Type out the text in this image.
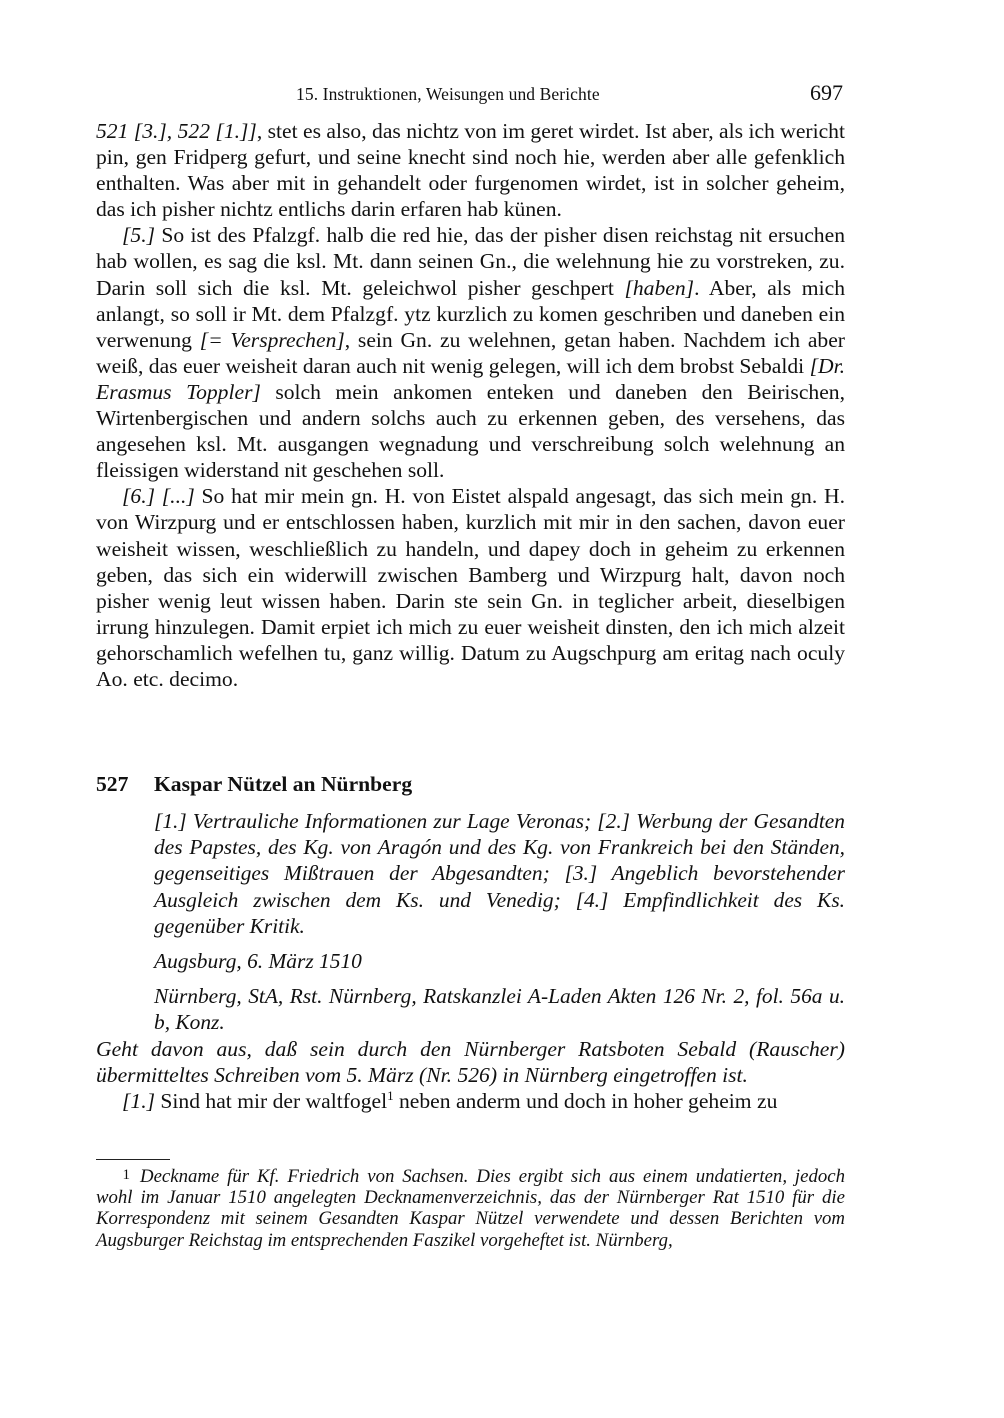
15. Instruktionen, Weisungen und Berichte	697

521 [3.], 522 [1.]], stet es also, das nichtz von im geret wirdet. Ist aber, als ich wericht pin, gen Fridperg gefurt, und seine knecht sind noch hie, werden aber alle gefenklich enthalten. Was aber mit in gehandelt oder furgenomen wirdet, ist in solcher geheim, das ich pisher nichtz entlichs darin erfaren hab künen.

[5.] So ist des Pfalzgf. halb die red hie, das der pisher disen reichstag nit ersuchen hab wollen, es sag die ksl. Mt. dann seinen Gn., die welehnung hie zu vorstreken, zu. Darin soll sich die ksl. Mt. geleichwol pisher geschpert [haben]. Aber, als mich anlangt, so soll ir Mt. dem Pfalzgf. ytz kurzlich zu komen geschriben und daneben ein verwenung [= Versprechen], sein Gn. zu welehnen, getan haben. Nachdem ich aber weiß, das euer weisheit daran auch nit wenig gelegen, will ich dem brobst Sebaldi [Dr. Erasmus Toppler] solch mein ankomen enteken und daneben den Beirischen, Wirtenbergischen und andern solchs auch zu erkennen geben, des versehens, das angesehen ksl. Mt. ausgangen wegnadung und verschreibung solch welehnung an fleissigen widerstand nit geschehen soll.

[6.] [...] So hat mir mein gn. H. von Eistet alspald angesagt, das sich mein gn. H. von Wirzpurg und er entschlossen haben, kurzlich mit mir in den sachen, davon euer weisheit wissen, weschließlich zu handeln, und dapey doch in geheim zu erkennen geben, das sich ein widerwill zwischen Bamberg und Wirzpurg halt, davon noch pisher wenig leut wissen haben. Darin ste sein Gn. in teglicher arbeit, dieselbigen irrung hinzulegen. Damit erpiet ich mich zu euer weisheit dinsten, den ich mich alzeit gehorschamlich wefelhen tu, ganz willig. Datum zu Augschpurg am eritag nach oculy Ao. etc. decimo.

527 Kaspar Nützel an Nürnberg

[1.] Vertrauliche Informationen zur Lage Veronas; [2.] Werbung der Gesandten des Papstes, des Kg. von Aragón und des Kg. von Frankreich bei den Ständen, gegenseitiges Mißtrauen der Abgesandten; [3.] Angeblich bevorstehender Ausgleich zwischen dem Ks. und Venedig; [4.] Empfindlichkeit des Ks. gegenüber Kritik.

Augsburg, 6. März 1510

Nürnberg, StA, Rst. Nürnberg, Ratskanzlei A-Laden Akten 126 Nr. 2, fol. 56a u. b, Konz.

Geht davon aus, daß sein durch den Nürnberger Ratsboten Sebald (Rauscher) übermitteltes Schreiben vom 5. März (Nr. 526) in Nürnberg eingetroffen ist.

[1.] Sind hat mir der waltfogel$^1$ neben anderm und doch in hoher geheim zu

1 Deckname für Kf. Friedrich von Sachsen. Dies ergibt sich aus einem undatierten, jedoch wohl im Januar 1510 angelegten Decknamenverzeichnis, das der Nürnberger Rat 1510 für die Korrespondenz mit seinem Gesandten Kaspar Nützel verwendete und dessen Berichten vom Augsburger Reichstag im entsprechenden Faszikel vorgeheftet ist. Nürnberg,
